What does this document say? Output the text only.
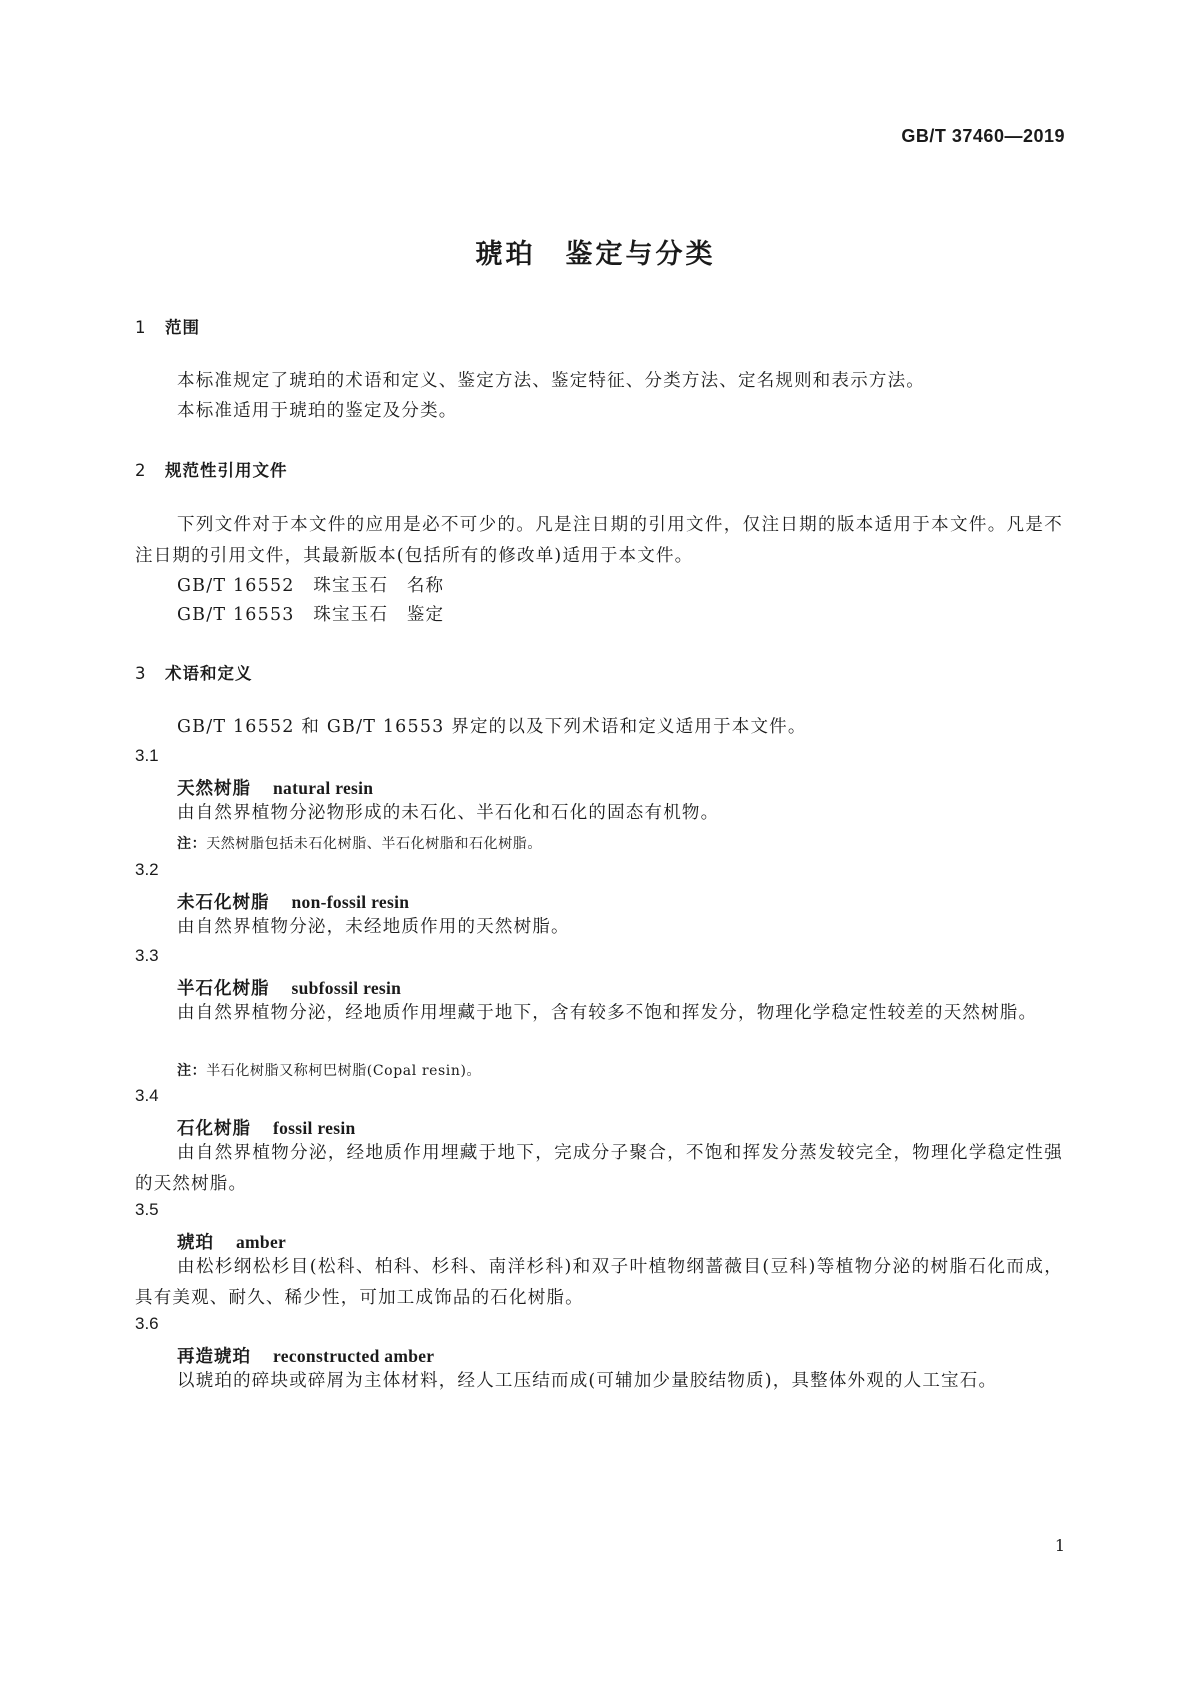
GB/T 37460—2019
琥珀　鉴定与分类
1 范围
本标准规定了琥珀的术语和定义、鉴定方法、鉴定特征、分类方法、定名规则和表示方法。
本标准适用于琥珀的鉴定及分类。
2 规范性引用文件
下列文件对于本文件的应用是必不可少的。凡是注日期的引用文件，仅注日期的版本适用于本文件。凡是不注日期的引用文件，其最新版本(包括所有的修改单)适用于本文件。
GB/T 16552　珠宝玉石　名称
GB/T 16553　珠宝玉石　鉴定
3 术语和定义
GB/T 16552 和 GB/T 16553 界定的以及下列术语和定义适用于本文件。
3.1
天然树脂 natural resin
由自然界植物分泌物形成的未石化、半石化和石化的固态有机物。
注：天然树脂包括未石化树脂、半石化树脂和石化树脂。
3.2
未石化树脂 non-fossil resin
由自然界植物分泌，未经地质作用的天然树脂。
3.3
半石化树脂 subfossil resin
由自然界植物分泌，经地质作用埋藏于地下，含有较多不饱和挥发分，物理化学稳定性较差的天然树脂。
注：半石化树脂又称柯巴树脂(Copal resin)。
3.4
石化树脂 fossil resin
由自然界植物分泌，经地质作用埋藏于地下，完成分子聚合，不饱和挥发分蒸发较完全，物理化学稳定性强的天然树脂。
3.5
琥珀 amber
由松杉纲松杉目(松科、柏科、杉科、南洋杉科)和双子叶植物纲蔷薇目(豆科)等植物分泌的树脂石化而成，具有美观、耐久、稀少性，可加工成饰品的石化树脂。
3.6
再造琥珀 reconstructed amber
以琥珀的碎块或碎屑为主体材料，经人工压结而成(可辅加少量胶结物质)，具整体外观的人工宝石。
1
